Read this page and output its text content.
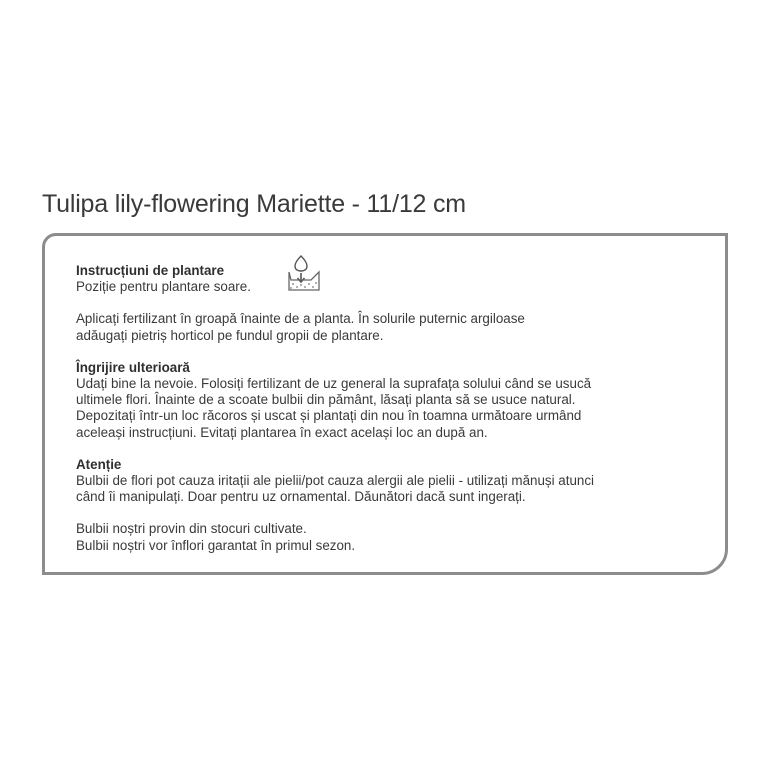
Tulipa lily-flowering Mariette - 11/12 cm

Instrucțiuni de plantare

Poziție pentru plantare soare.

Aplicați fertilizant în groapă înainte de a planta. În solurile puternic argiloase

adăugați pietriș horticol pe fundul gropii de plantare.

Îngrijire ulterioară

Udați bine la nevoie. Folosiți fertilizant de uz general la suprafața solului când se usucă

ultimele flori. Înainte de a scoate bulbii din pământ, lăsați planta să se usuce natural.

Depozitați într-un loc răcoros și uscat și plantați din nou în toamna următoare urmând

aceleași instrucțiuni. Evitați plantarea în exact același loc an după an.

Atenție

Bulbii de flori pot cauza iritații ale pielii/pot cauza alergii ale pielii - utilizați mănuși atunci

când îi manipulați. Doar pentru uz ornamental. Dăunători dacă sunt ingerați.

Bulbii noștri provin din stocuri cultivate.

Bulbii noștri vor înflori garantat în primul sezon.
